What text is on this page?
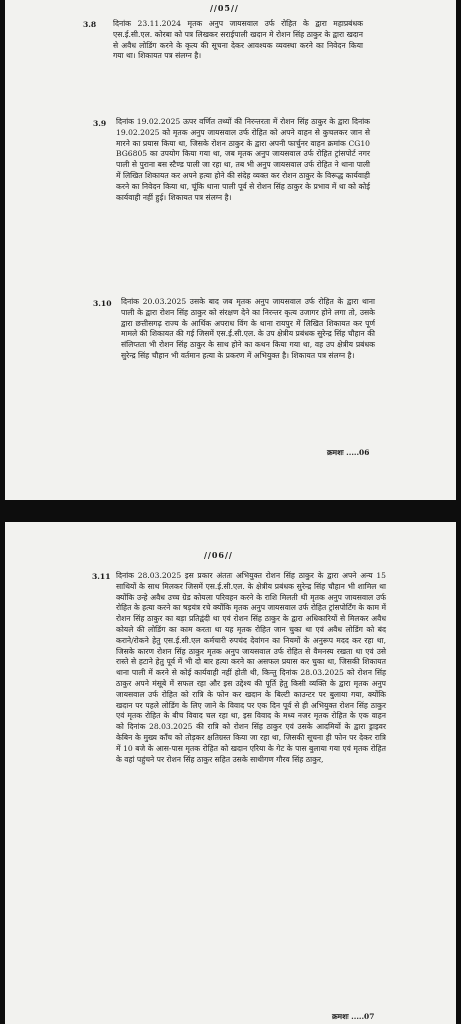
//05//
3.8 दिनांक 23.11.2024 मृतक अनुप जायसवाल उर्फ रोहित के द्वारा महाप्रबंधक एस.ई.सी.एल. कोरबा को पत्र लिखकर सराईपाली खदान मे रोशन सिंह ठाकुर के द्वारा खदान से अवैध लोडिंग करने के कृत्य की सूचना देकर आवश्यक व्यवस्था करने का निवेदन किया गया था। शिकायत पत्र संलग्न है।
3.9 दिनांक 19.02.2025 ऊपर वर्णित तथ्यों की निरन्तरता में रोशन सिंह ठाकुर के द्वारा दिनांक 19.02.2025 को मृतक अनुप जायसवाल उर्फ रोहित को अपने वाहन से कुचलकर जान से मारने का प्रयास किया था, जिसके रोशन ठाकुर के द्वारा अपनी फार्चुनर वाहन क्रमांक CG10 BG6805 का उपयोग किया गया था, जब मृतक अनुप जायसवाल उर्फ रोहित ट्रांसपोर्ट नगर पाली से पुराना बस स्टैण्ड पाली जा रहा था, तब भी अनुप जायसवाल उर्फ रोहित ने थाना पाली में लिखित शिकायत कर अपने हत्या होने की संदेह व्यक्त कर रोशन ठाकुर के विरूद्ध कार्यवाही करने का निवेदन किया था, चूंकि थाना पाली पूर्व से रोशन सिंह ठाकुर के प्रभाव में था को कोई कार्यवाही नहीं हुई। शिकायत पत्र संलग्न है।
3.10 दिनांक 20.03.2025 उसके बाद जब मृतक अनुप जायसवाल उर्फ रोहित के द्वारा थाना पाली के द्वारा रोशन सिंह ठाकुर को संरक्षण देने का निरन्तर कृत्य उजागर होने लगा तो, उसके द्वारा छत्तीसगढ़ राज्य के आर्थिक अपराध विंग के थाना रायपुर में लिखित शिकायत कर पूर्ण मामले की शिकायत की गई जिसमें एस.ई.सी.एल. के उप क्षेत्रीय प्रबंधक सुरेन्द्र सिंह चौहान की संलिप्तता भी रोशन सिंह ठाकुर के साथ होने का कथन किया गया था, वह उप क्षेत्रीय प्रबंधक सुरेन्द्र सिंह चौहान भी वर्तमान हत्या के प्रकरण में अभियुक्त है। शिकायत पत्र संलग्न है।
क्रमशः .....06
//06//
3.11 दिनांक 28.03.2025 इस प्रकार अंततः अभियुक्त रोशन सिंह ठाकुर के द्वारा अपने अन्य 15 साथियों के साथ मिलकर जिसमें एस.ई.सी.एल. के क्षेत्रीय प्रबंधक सुरेन्द्र सिंह चौहान भी शामिल था क्योंकि उन्हे अवैध उच्च ग्रेड कोयला परिवहन करने के राशि मिलती थी मृतक अनुप जायसवाल उर्फ रोहित के हत्या करने का षड़यंत्र रचे क्योंकि मृतक अनुप जायसवाल उर्फ रोहित ट्रांसपोर्टिंग के काम में रोशन सिंह ठाकुर का बड़ा प्रतिद्वंदी था एवं रोशन सिंह ठाकुर के द्वारा अधिकारियों से मिलकर अवैध कोयले की लोडिंग का काम करता था यह मृतक रोहित जान चुका था एवं अवैध लोडिंग को बंद कराने/रोकने हेतु एस.ई.सी.एल कर्मचारी रुपचंद देवांगन का नियमों के अनुरूप मदद कर रहा था, जिसके कारण रोशन सिंह ठाकुर मृतक अनुप जायसवाल उर्फ रोहित से वैमनस्य रखता था एवं उसे रास्ते से हटाने हेतु पूर्व में भी दो बार हत्या करने का असफल प्रयास कर चुका था, जिसकी शिकायत थाना पाली में करने से कोई कार्यवाही नहीं होती थी, किन्तु दिनांक 28.03.2025 को रोशन सिंह ठाकुर अपने मंसूबे में सफल रहा और इस उद्देश्य की पूर्ति हेतु किसी व्यक्ति के द्वारा मृतक अनुप जायसवाल उर्फ रोहित को रात्रि के फोन कर खदान के बिल्टी काउन्टर पर बुलाया गया, क्योंकि खदान पर पहले लोडिंग के लिए जाने के विवाद पर एक दिन पूर्व से ही अभियुक्त रोशन सिंह ठाकुर एवं मृतक रोहित के बीच विवाद चल रहा था, इस विवाद के मध्य नजर मृतक रोहित के एक वाहन को दिनांक 28.03.2025 की रात्रि को रोशन सिंह ठाकुर एवं उसके आदमियों के द्वारा ड्राइवर केबिन के मुख्य काँच को तोड़कर क्षतिग्रस्त किया जा रहा था, जिसकी सूचना ही फोन पर देकर रात्रि में 10 बजे के आस-पास मृतक रोहित को खदान एरिया के गेट के पास बुलाया गया एवं मृतक रोहित के वहां पहुंचने पर रोशन सिंह ठाकुर सहित उसके साथीगण गौरव सिंह ठाकुर,
क्रमशः .....07
